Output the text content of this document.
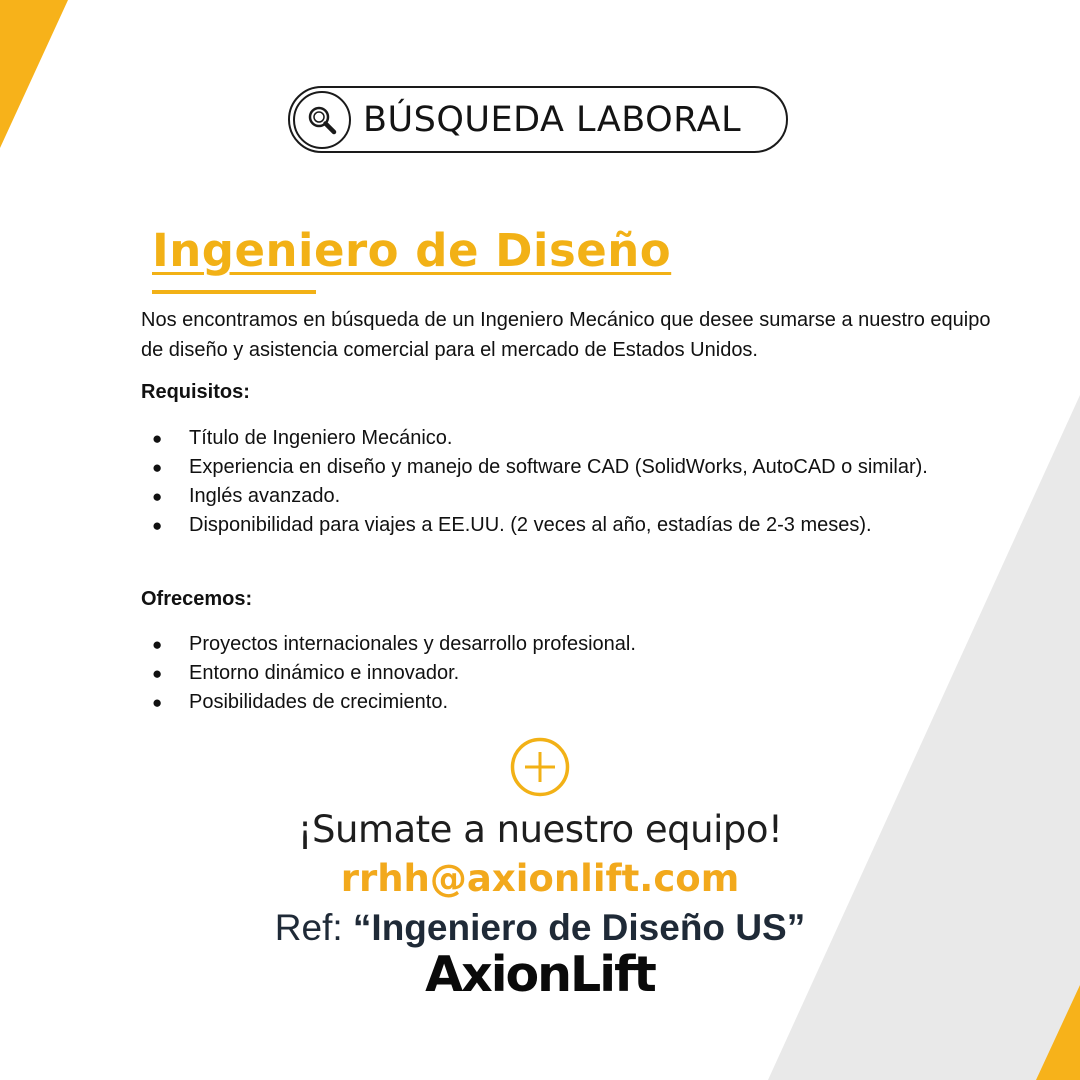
BÚSQUEDA LABORAL
Ingeniero de Diseño
Nos encontramos en búsqueda de un Ingeniero Mecánico que desee sumarse a nuestro equipo de diseño y asistencia comercial para el mercado de Estados Unidos.
Requisitos:
●	Título de Ingeniero Mecánico.
●	Experiencia en diseño y manejo de software CAD (SolidWorks, AutoCAD o similar).
●	Inglés avanzado.
●	Disponibilidad para viajes a EE.UU. (2 veces al año, estadías de 2-3 meses).
Ofrecemos:
●	Proyectos internacionales y desarrollo profesional.
●	Entorno dinámico e innovador.
●	Posibilidades de crecimiento.
¡Sumate a nuestro equipo!
rrhh@axionlift.com
Ref: “Ingeniero de Diseño US”
AxionLift
